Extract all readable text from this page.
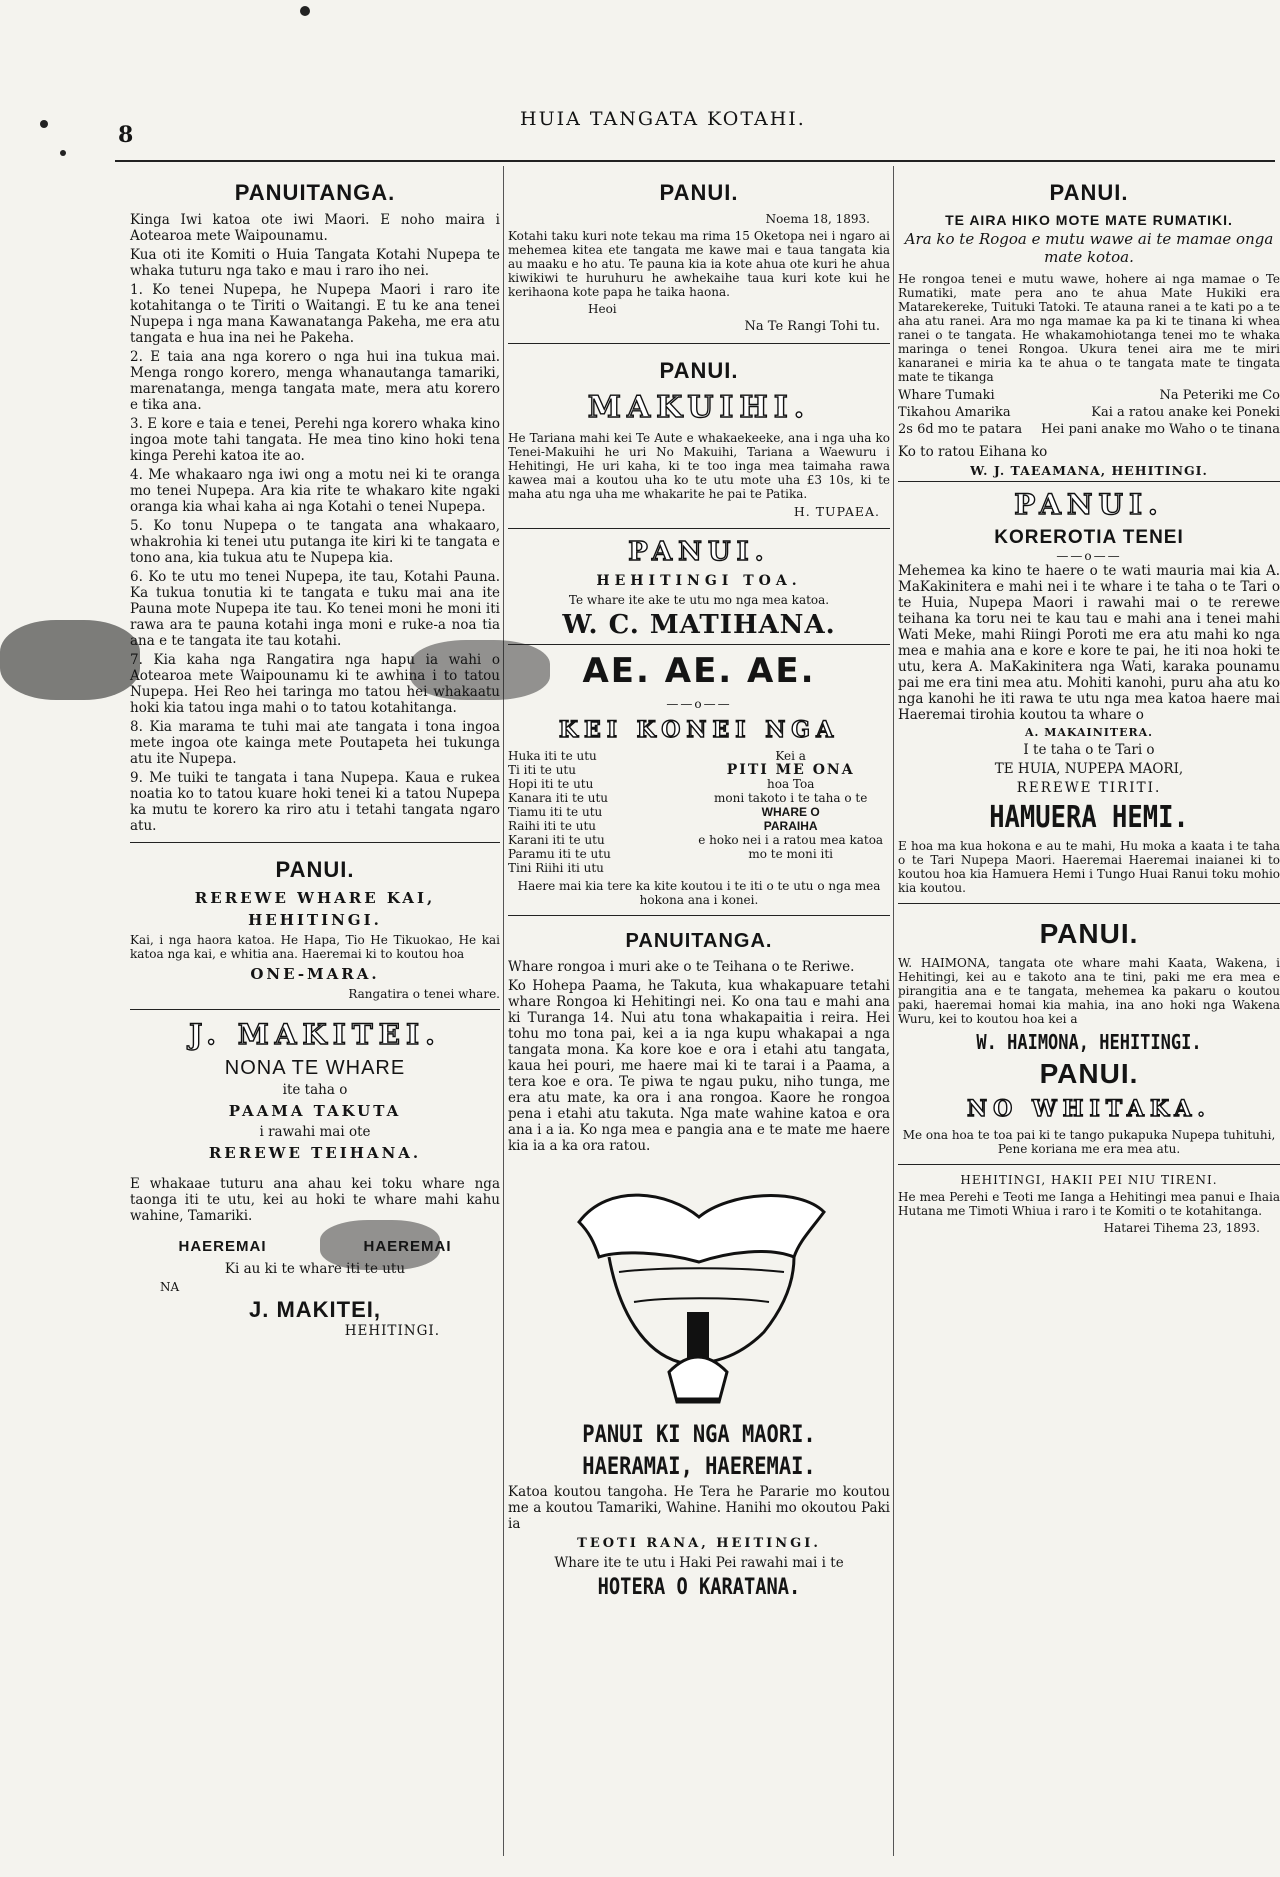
8
HUIA TANGATA KOTAHI.
PANUITANGA.

Kinga Iwi katoa ote iwi Maori. E noho maira i Aotearoa mete Waipounamu.

Kua oti ite Komiti o Huia Tangata Kotahi Nupepa te whaka tuturu nga tako e mau i raro iho nei.

1. Ko tenei Nupepa, he Nupepa Maori i raro ite kotahitanga o te Tiriti o Waitangi. E tu ke ana tenei Nupepa i nga mana Kawanatanga Pakeha, me era atu tangata e hua ina nei he Pakeha.

2. E taia ana nga korero o nga hui ina tukua mai. Menga rongo korero, menga whanautanga tamariki, marenatanga, menga tangata mate, mera atu korero e tika ana.

3. E kore e taia e tenei, Perehi nga korero whaka kino ingoa mote tahi tangata. He mea tino kino hoki tena kinga Perehi katoa ite ao.

4. Me whakaaro nga iwi ong a motu nei ki te oranga mo tenei Nupepa. Ara kia rite te whakaro kite ngaki oranga kia whai kaha ai nga Kotahi o tenei Nupepa.

5. Ko tonu Nupepa o te tangata ana whakaaro, whakrohia ki tenei utu putanga ite kiri ki te tangata e tono ana, kia tukua atu te Nupepa kia.

6. Ko te utu mo tenei Nupepa, ite tau, Kotahi Pauna. Ka tukua tonutia ki te tangata e tuku mai ana ite Pauna mote Nupepa ite tau. Ko tenei moni he moni iti rawa ara te pauna kotahi inga moni e ruke-a noa tia ana e te tangata ite tau kotahi.

7. Kia kaha nga Rangatira nga hapu ia wahi o Aotearoa mete Waipounamu ki te awhina i to tatou Nupepa. Hei Reo hei taringa mo tatou hei whakaatu hoki kia tatou inga mahi o to tatou kotahitanga.

8. Kia marama te tuhi mai ate tangata i tona ingoa mete ingoa ote kainga mete Poutapeta hei tukunga atu ite Nupepa.

9. Me tuiki te tangata i tana Nupepa. Kaua e rukea noatia ko to tatou kuare hoki tenei ki a tatou Nupepa ka mutu te korero ka riro atu i tetahi tangata ngaro atu.

PANUI.
REREWE WHARE KAI,
HEHITINGI.

Kai, i nga haora katoa. He Hapa, Tio He Tikuokao, He kai katoa nga kai, e whitia ana. Haeremai ki to koutou hoa

ONE-MARA.

Rangatira o tenei whare.

J. MAKITEI.
NONA TE WHARE

ite taha o

PAAMA TAKUTA

i rawahi mai ote

REREWE TEIHANA.

E whakaae tuturu ana ahau kei toku whare nga taonga iti te utu, kei au hoki te whare mahi kahu wahine, Tamariki.

HAEREMAI	HAEREMAI

Ki au ki te whare iti te utu

NA

J. MAKITEI,

HEHITINGI.

PANUI.

Noema 18, 1893.

Kotahi taku kuri note tekau ma rima 15 Oketopa nei i ngaro ai mehemea kitea ete tangata me kawe mai e taua tangata kia au maaku e ho atu. Te pauna kia ia kote ahua ote kuri he ahua kiwikiwi te huruhuru he awhekaihe taua kuri kote kui he kerihaona kote papa he taika haona.

Heoi

Na Te Rangi Tohi tu.

PANUI.
MAKUIHI.

He Tariana mahi kei Te Aute e whakaekeeke, ana i nga uha ko Tenei-Makuihi he uri No Makuihi, Tariana a Waewuru i Hehitingi, He uri kaha, ki te too inga mea taimaha rawa kawea mai a koutou uha ko te utu mote uha £3 10s, ki te maha atu nga uha me whakarite he pai te Patika.

H. TUPAEA.

PANUI.
HEHITINGI TOA.

Te whare ite ake te utu mo nga mea katoa.

W. C. MATIHANA.
AE. AE. AE.
——o——
KEI KONEI NGA
Huka iti te utu
Ti iti te utu
Hopi iti te utu
Kanara iti te utu
Tiamu iti te utu
Raihi iti te utu
Karani iti te utu
Paramu iti te utu
Tini Riihi iti utu
Kei a
PITI ME ONA
hoa Toa
moni takoto i te taha o te
WHARE O
PARAIHA
e hoko nei i a ratou mea katoa mo te moni iti

Haere mai kia tere ka kite koutou i te iti o te utu o nga mea hokona ana i konei.

PANUITANGA.

Whare rongoa i muri ake o te Teihana o te Reriwe.

Ko Hohepa Paama, he Takuta, kua whakapuare tetahi whare Rongoa ki Hehitingi nei. Ko ona tau e mahi ana ki Turanga 14. Nui atu tona whakapaitia i reira. Hei tohu mo tona pai, kei a ia nga kupu whakapai a nga tangata mona. Ka kore koe e ora i etahi atu tangata, kaua hei pouri, me haere mai ki te tarai i a Paama, a tera koe e ora. Te piwa te ngau puku, niho tunga, me era atu mate, ka ora i ana rongoa. Kaore he rongoa pena i etahi atu takuta. Nga mate wahine katoa e ora ana i a ia. Ko nga mea e pangia ana e te mate me haere kia ia a ka ora ratou.

PANUI KI NGA MAORI.
HAERAMAI, HAEREMAI.

Katoa koutou tangoha. He Tera he Pararie mo koutou me a koutou Tamariki, Wahine. Hanihi mo okoutou Paki ia

TEOTI RANA, HEITINGI.

Whare ite te utu i Haki Pei rawahi mai i te

HOTERA O KARATANA.
PANUI.
TE AIRA HIKO MOTE MATE RUMATIKI.
Ara ko te Rogoa e mutu wawe ai te mamae onga mate kotoa.

He rongoa tenei e mutu wawe, hohere ai nga mamae o Te Rumatiki, mate pera ano te ahua Mate Hukiki era Matarekereke, Tuituki Tatoki. Te atauna ranei a te kati po a te aha atu ranei. Ara mo nga mamae ka pa ki te tinana ki whea ranei o te tangata. He whakamohiotanga tenei mo te whaka maringa o tenei Rongoa. Ukura tenei aira me te miri kanaranei e miria ka te ahua o te tangata mate te tingata mate te tikanga

Whare Tumaki	Na Peteriki me Co
Tikahou Amarika	Kai a ratou anake kei Poneki
2s 6d mo te patara	Hei pani anake mo Waho o te tinana

Ko to ratou Eihana ko

W. J. TAEAMANA, HEHITINGI.
PANUI.
KOREROTIA TENEI
——o——

Mehemea ka kino te haere o te wati mauria mai kia A. MaKakinitera e mahi nei i te whare i te taha o te Tari o te Huia, Nupepa Maori i rawahi mai o te rerewe teihana ka toru nei te kau tau e mahi ana i tenei mahi Wati Meke, mahi Riingi Poroti me era atu mahi ko nga mea e mahia ana e kore e kore te pai, he iti noa hoki te utu, kera A. MaKakinitera nga Wati, karaka pounamu pai me era tini mea atu. Mohiti kanohi, puru aha atu ko nga kanohi he iti rawa te utu nga mea katoa haere mai Haeremai tirohia koutou ta whare o

A. MAKAINITERA.

I te taha o te Tari o

TE HUIA, NUPEPA MAORI,

REREWE TIRITI.

HAMUERA HEMI.

E hoa ma kua hokona e au te mahi, Hu moka a kaata i te taha o te Tari Nupepa Maori. Haeremai Haeremai inaianei ki to koutou hoa kia Hamuera Hemi i Tungo Huai Ranui toku mohio kia koutou.

PANUI.

W. HAIMONA, tangata ote whare mahi Kaata, Wakena, i Hehitingi, kei au e takoto ana te tini, paki me era mea e pirangitia ana e te tangata, mehemea ka pakaru o koutou paki, haeremai homai kia mahia, ina ano hoki nga Wakena Wuru, kei to koutou hoa kei a

W. HAIMONA, HEHITINGI.
PANUI.
NO WHITAKA.

Me ona hoa te toa pai ki te tango pukapuka Nupepa tuhituhi, Pene koriana me era mea atu.

HEHITINGI, HAKII PEI NIU TIRENI.

He mea Perehi e Teoti me Ianga a Hehitingi mea panui e Ihaia Hutana me Timoti Whiua i raro i te Komiti o te kotahitanga.

Hatarei Tihema 23, 1893.
